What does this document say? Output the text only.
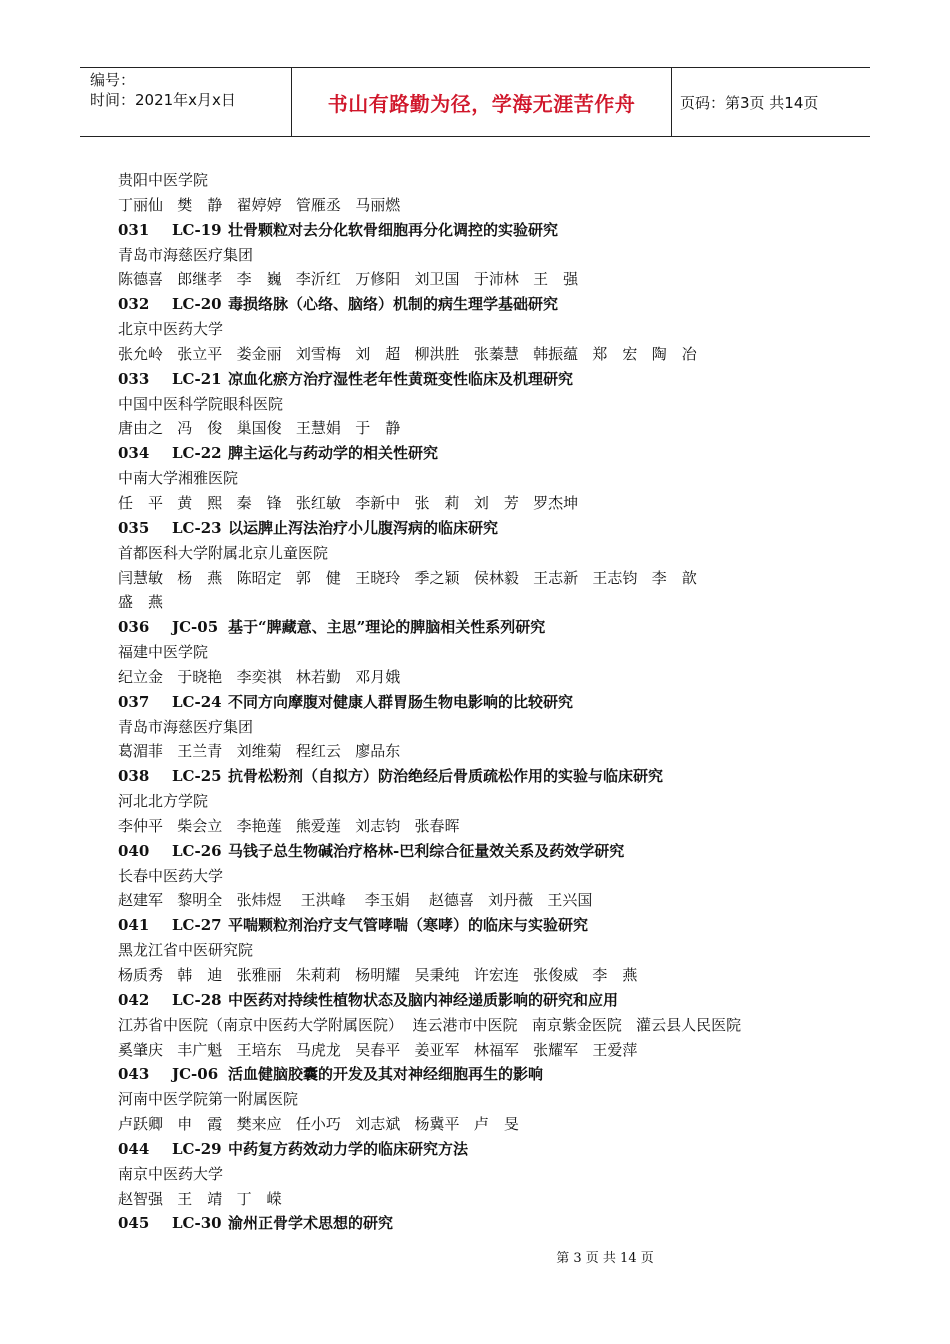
编号：
时间：2021年x月x日	书山有路勤为径，学海无涯苦作舟	页码：第3页 共14页
贵阳中医学院
丁丽仙   樊　静   翟婷婷   管雁丞   马丽燃
031 LC-19 壮骨颗粒对去分化软骨细胞再分化调控的实验研究
青岛市海慈医疗集团
陈德喜   郎继孝   李　巍   李沂红   万修阳   刘卫国   于沛林   王　强
032 LC-20 毒损络脉（心络、脑络）机制的病生理学基础研究
北京中医药大学
张允岭   张立平   娄金丽   刘雪梅   刘　超   柳洪胜   张蓁慧   韩振蕴   郑　宏   陶　冶
033 LC-21 凉血化瘀方治疗湿性老年性黄斑变性临床及机理研究
中国中医科学院眼科医院
唐由之   冯　俊   巢国俊   王慧娟   于　静
034 LC-22 脾主运化与药动学的相关性研究
中南大学湘雅医院
任　平   黄　熙   秦　锋   张红敏   李新中   张　莉   刘　芳   罗杰坤
035 LC-23 以运脾止泻法治疗小儿腹泻病的临床研究
首都医科大学附属北京儿童医院
闫慧敏   杨　燕   陈昭定   郭　健   王晓玲   季之颖   侯林毅   王志新   王志钧   李　歆
盛　燕
036 JC-05 基于“脾藏意、主思”理论的脾脑相关性系列研究
福建中医学院
纪立金   于晓艳   李奕祺   林若勤   邓月娥
037 LC-24 不同方向摩腹对健康人群胃肠生物电影响的比较研究
青岛市海慈医疗集团
葛湄菲   王兰青   刘维菊   程红云   廖品东
038 LC-25 抗骨松粉剂（自拟方）防治绝经后骨质疏松作用的实验与临床研究
河北北方学院
李仲平   柴会立   李艳莲   熊爱莲   刘志钧   张春晖
040 LC-26 马钱子总生物碱治疗格林-巴利综合征量效关系及药效学研究
长春中医药大学
赵建军   黎明全   张炜煜    王洪峰    李玉娟    赵德喜   刘丹薇   王兴国
041 LC-27 平喘颗粒剂治疗支气管哮喘（寒哮）的临床与实验研究
黑龙江省中医研究院
杨质秀   韩　迪   张雅丽   朱莉莉   杨明耀   吴秉纯   许宏连   张俊威   李　燕
042 LC-28 中医药对持续性植物状态及脑内神经递质影响的研究和应用
江苏省中医院（南京中医药大学附属医院）  连云港市中医院   南京紫金医院   灌云县人民医院
奚肇庆   丰广魁   王培东   马虎龙   吴春平   姜亚军   林福军   张耀军   王爱萍
043 JC-06 活血健脑胶囊的开发及其对神经细胞再生的影响
河南中医学院第一附属医院
卢跃卿   申　霞   樊来应   任小巧   刘志斌   杨冀平   卢　旻
044 LC-29 中药复方药效动力学的临床研究方法
南京中医药大学
赵智强   王　靖   丁　嵘
045 LC-30 渝州正骨学术思想的研究
第 3 页 共 14 页
